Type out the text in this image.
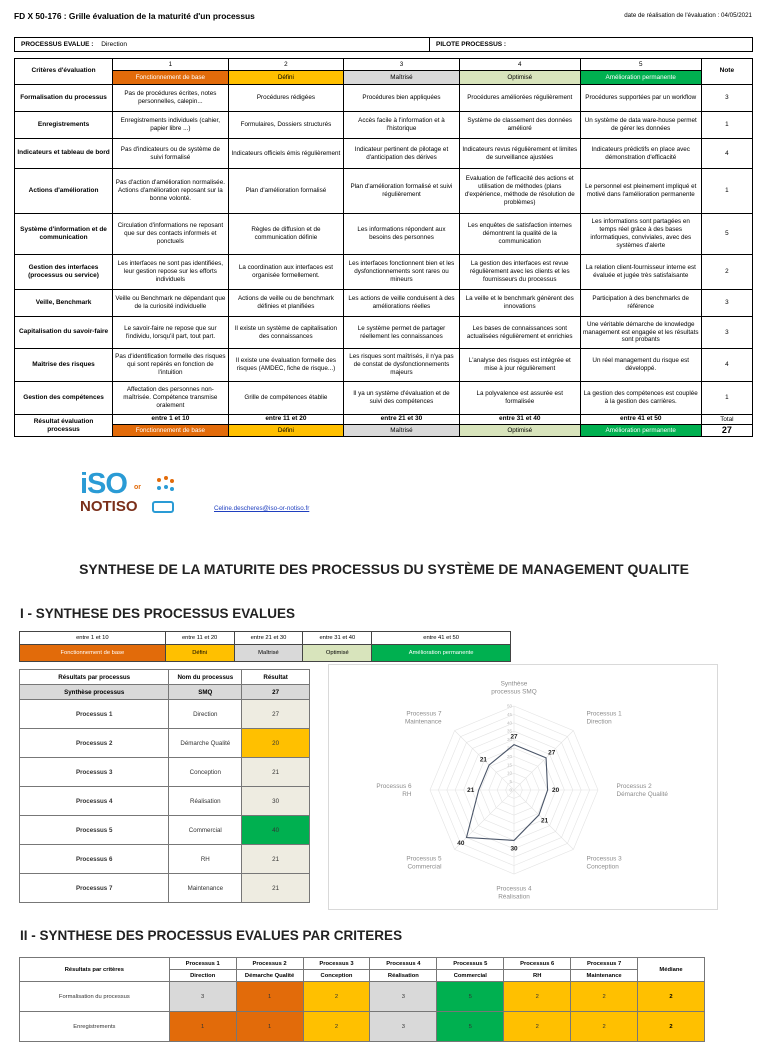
FD X 50-176 : Grille évaluation de la maturité d'un processus	date de réalisation de l'évaluation : 04/05/2021
PROCESSUS EVALUE : Direction	PILOTE PROCESSUS :
Critères d'évaluation	1	2	3	4	5	Note
	Fonctionnement de base	Défini	Maîtrisé	Optimisé	Amélioration permanente	
Formalisation du processus	Pas de procédures écrites, notes personnelles, calepin...	Procédures rédigées	Procédures bien appliquées	Procédures améliorées régulièrement	Procédures supportées par un workflow	3
Enregistrements	Enregistrements individuels (cahier, papier libre ...)	Formulaires, Dossiers structurés	Accès facile à l'information et à l'historique	Système de classement des données amélioré	Un système de data ware-house permet de gérer les données	1
Indicateurs et tableau de bord	Pas d'indicateurs ou de système de suivi formalisé	Indicateurs officiels émis régulièrement	Indicateur pertinent de pilotage et d'anticipation des dérives	Indicateurs revus régulièrement et limites de surveillance ajustées	Indicateurs prédictifs en place avec démonstration d'efficacité	4
Actions d'amélioration	Pas d'action d'amélioration normalisée. Actions d'amélioration reposant sur la bonne volonté.	Plan d'amélioration formalisé	Plan d'amélioration formalisé et suivi régulièrement	Evaluation de l'efficacité des actions et utilisation de méthodes (plans d'expérience, méthode de résolution de problèmes)	Le personnel est pleinement impliqué et motivé dans l'amélioration permanente	1
Système d'information et de communication	Circulation d'informations ne reposant que sur des contacts informels et ponctuels	Règles de diffusion et de communication définie	Les informations répondent aux besoins des personnes	Les enquêtes de satisfaction internes démontrent la qualité de la communication	Les informations sont partagées en temps réel grâce à des bases informatiques, conviviales, avec des systèmes d'alerte	5
Gestion des interfaces (processus ou service)	Les interfaces ne sont pas identifiées, leur gestion repose sur les efforts individuels	La coordination aux interfaces est organisée formellement.	Les interfaces fonctionnent bien et les dysfonctionnements sont rares ou mineurs	La gestion des interfaces est revue régulièrement avec les clients et les fournisseurs du processus	La relation client-fournisseur interne est évaluée et jugée très satisfaisante	2
Veille, Benchmark	Veille ou Benchmark ne dépendant que de la curiosité individuelle	Actions de veille ou de benchmark définies et planifiées	Les actions de veille conduisent à des améliorations réelles	La veille et le benchmark génèrent des innovations	Participation à des benchmarks de référence	3
Capitalisation du savoir-faire	Le savoir-faire ne repose que sur l'individu, lorsqu'il part, tout part.	Il existe un système de capitalisation des connaissances	Le système permet de partager réellement les connaissances	Les bases de connaissances sont actualisées régulièrement et enrichies	Une véritable démarche de knowledge management est engagée et les résultats sont probants	3
Maîtrise des risques	Pas d'identification formelle des risques qui sont repérés en fonction de l'intuition	Il existe une évaluation formelle des risques (AMDEC, fiche de risque...)	Les risques sont maîtrisés, il n'ya pas de constat de dysfonctionnements majeurs	L'analyse des risques est intégrée et mise à jour régulièrement	Un réel management du risque est développé.	4
Gestion des compétences	Affectation des personnes non-maîtrisée. Compétence transmise oralement	Grille de compétences établie	Il ya un système d'évaluation et de suivi des compétences	La polyvalence est assurée est formalisée	La gestion des compétences est couplée à la gestion des carrières.	1
Résultat évaluation processus	entre 1 et 10	entre 11 et 20	entre 21 et 30	entre 31 et 40	entre 41 et 50	Total
	Fonctionnement de base	Défini	Maîtrisé	Optimisé	Amélioration permanente	27
iSO or
NOTISO	Celine.descheres@iso-or-notiso.fr
SYNTHESE DE LA MATURITE DES PROCESSUS DU SYSTÈME DE MANAGEMENT QUALITE
I - SYNTHESE DES PROCESSUS EVALUES
entre 1 et 10	entre 11 et 20	entre 21 et 30	entre 31 et 40	entre 41 et 50
Fonctionnement de base	Défini	Maîtrisé	Optimisé	Amélioration permanente
Résultats par processus	Nom du processus	Résultat
Synthèse processus	SMQ	27
Processus 1	Direction	27
Processus 2	Démarche Qualité	20
Processus 3	Conception	21
Processus 4	Réalisation	30
Processus 5	Commercial	40
Processus 6	RH	21
Processus 7	Maintenance	21
0
5
10
15
20
25
30
35
40
45
50
27
27
20
21
30
40
21
21
Synthèse processus SMQ
Processus 1 Direction
Processus 2 Démarche Qualité
Processus 3 Conception
Processus 4 Réalisation
Processus 5 Commercial
Processus 6 RH
Processus 7 Maintenance
II - SYNTHESE DES PROCESSUS EVALUES PAR CRITERES
Résultats par critères	Processus 1	Processus 2	Processus 3	Processus 4	Processus 5	Processus 6	Processus 7	Médiane
	Direction	Démarche Qualité	Conception	Réalisation	Commercial	RH	Maintenance	
Formalisation du processus	3	1	2	3	5	2	2	2
Enregistrements	1	1	2	3	5	2	2	2
